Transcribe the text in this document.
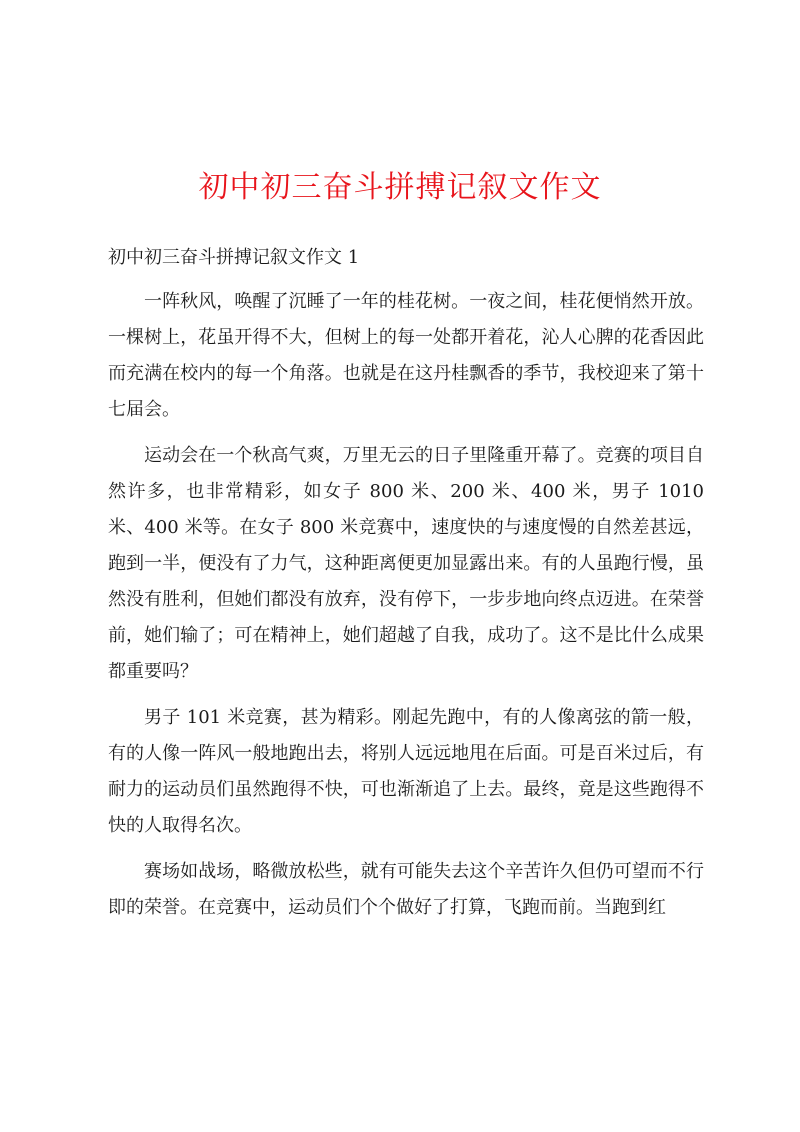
初中初三奋斗拼搏记叙文作文

初中初三奋斗拼搏记叙文作文 1

一阵秋风，唤醒了沉睡了一年的桂花树。一夜之间，桂花便悄然开放。一棵树上，花虽开得不大，但树上的每一处都开着花，沁人心脾的花香因此而充满在校内的每一个角落。也就是在这丹桂飘香的季节，我校迎来了第十七届会。

运动会在一个秋高气爽，万里无云的日子里隆重开幕了。竞赛的项目自然许多，也非常精彩，如女子 800 米、200 米、400 米，男子 1010 米、400 米等。在女子 800 米竞赛中，速度快的与速度慢的自然差甚远，跑到一半，便没有了力气，这种距离便更加显露出来。有的人虽跑行慢，虽然没有胜利，但她们都没有放弃，没有停下，一步步地向终点迈进。在荣誉前，她们输了；可在精神上，她们超越了自我，成功了。这不是比什么成果都重要吗？

男子 101 米竞赛，甚为精彩。刚起先跑中，有的人像离弦的箭一般，有的人像一阵风一般地跑出去，将别人远远地甩在后面。可是百米过后，有耐力的运动员们虽然跑得不快，可也渐渐追了上去。最终，竟是这些跑得不快的人取得名次。

赛场如战场，略微放松些，就有可能失去这个辛苦许久但仍可望而不行即的荣誉。在竞赛中，运动员们个个做好了打算，飞跑而前。当跑到红
